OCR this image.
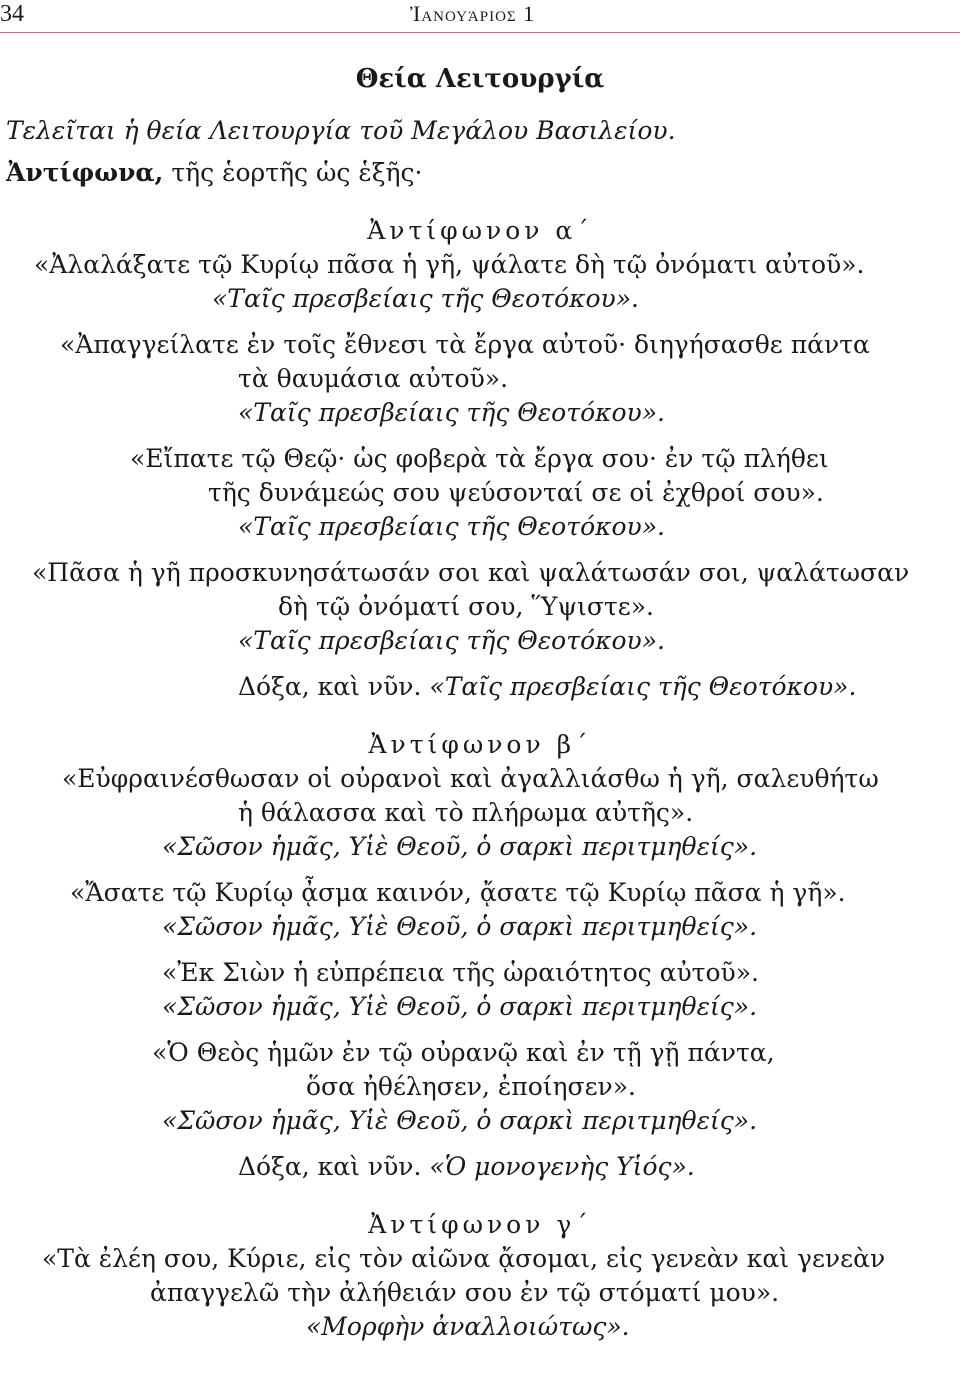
34	Ἰανουάριος 1
Θεία Λειτουργία
Τελεῖται ἡ θεία Λειτουργία τοῦ Μεγάλου Βασιλείου.
Ἀντίφωνα, τῆς ἑορτῆς ὡς ἑξῆς·
Ἀντίφωνον α΄
«Ἀλαλάξατε τῷ Κυρίῳ πᾶσα ἡ γῆ, ψάλατε δὴ τῷ ὀνόματι αὐτοῦ».
«Ταῖς πρεσβείαις τῆς Θεοτόκου».
«Ἀπαγγείλατε ἐν τοῖς ἔθνεσι τὰ ἔργα αὐτοῦ· διηγήσασθε πάντα
τὰ θαυμάσια αὐτοῦ».
«Ταῖς πρεσβείαις τῆς Θεοτόκου».
«Εἴπατε τῷ Θεῷ· ὡς φοβερὰ τὰ ἔργα σου· ἐν τῷ πλήθει
τῆς δυνάμεώς σου ψεύσονταί σε οἱ ἐχθροί σου».
«Ταῖς πρεσβείαις τῆς Θεοτόκου».
«Πᾶσα ἡ γῆ προσκυνησάτωσάν σοι καὶ ψαλάτωσάν σοι, ψαλάτωσαν
δὴ τῷ ὀνόματί σου, Ὕψιστε».
«Ταῖς πρεσβείαις τῆς Θεοτόκου».
Δόξα, καὶ νῦν. «Ταῖς πρεσβείαις τῆς Θεοτόκου».
Ἀντίφωνον β΄
«Εὐφραινέσθωσαν οἱ οὐρανοὶ καὶ ἀγαλλιάσθω ἡ γῆ, σαλευθήτω
ἡ θάλασσα καὶ τὸ πλήρωμα αὐτῆς».
«Σῶσον ἡμᾶς, Υἱὲ Θεοῦ, ὁ σαρκὶ περιτμηθείς».
«Ἄσατε τῷ Κυρίῳ ᾆσμα καινόν, ᾄσατε τῷ Κυρίῳ πᾶσα ἡ γῆ».
«Σῶσον ἡμᾶς, Υἱὲ Θεοῦ, ὁ σαρκὶ περιτμηθείς».
«Ἐκ Σιὼν ἡ εὐπρέπεια τῆς ὡραιότητος αὐτοῦ».
«Σῶσον ἡμᾶς, Υἱὲ Θεοῦ, ὁ σαρκὶ περιτμηθείς».
«Ὁ Θεὸς ἡμῶν ἐν τῷ οὐρανῷ καὶ ἐν τῇ γῇ πάντα,
ὅσα ἠθέλησεν, ἐποίησεν».
«Σῶσον ἡμᾶς, Υἱὲ Θεοῦ, ὁ σαρκὶ περιτμηθείς».
Δόξα, καὶ νῦν. «Ὁ μονογενὴς Υἱός».
Ἀντίφωνον γ΄
«Τὰ ἐλέη σου, Κύριε, εἰς τὸν αἰῶνα ᾄσομαι, εἰς γενεὰν καὶ γενεὰν
ἀπαγγελῶ τὴν ἀλήθειάν σου ἐν τῷ στόματί μου».
«Μορφὴν ἀναλλοιώτως».
